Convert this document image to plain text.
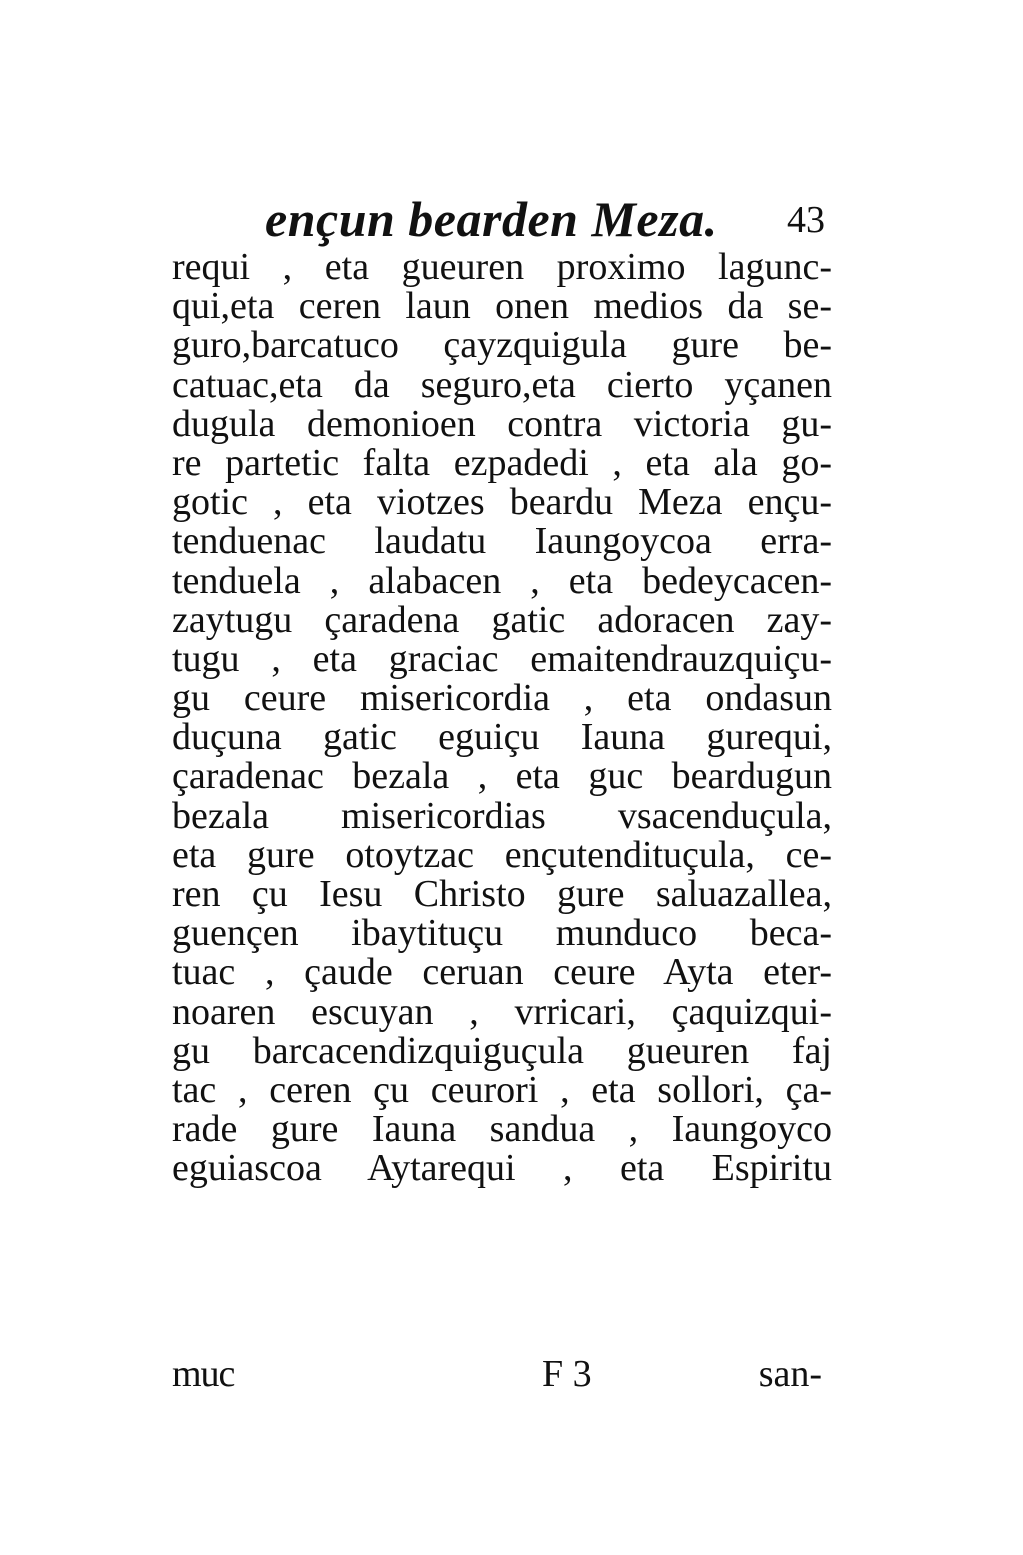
ençun bearden Meza. 43
requi , eta gueuren proximo lagunc-
qui,eta ceren laun onen medios da se-
guro,barcatuco çayzquigula gure be-
catuac,eta da seguro,eta cierto yçanen
dugula demonioen contra victoria gu-
re partetic falta ezpadedi , eta ala go-
gotic , eta viotzes beardu Meza ençu-
tenduenac laudatu Iaungoycoa erra-
tenduela , alabacen , eta bedeycacen-
zaytugu çaradena gatic adoracen zay-
tugu , eta graciac emaitendrauzquiçu-
gu ceure misericordia , eta ondasun
duçuna gatic eguiçu Iauna gurequi,
çaradenac bezala , eta guc beardugun
bezala misericordias vsacenduçula,
eta gure otoytzac ençutendituçula, ce-
ren çu Iesu Christo gure saluazallea,
guençen ibaytituçu munduco beca-
tuac , çaude ceruan ceure Ayta eter-
noaren escuyan , vrricari, çaquizqui-
gu barcacendizquiguçula gueuren faj
tac , ceren çu ceurori , eta sollori, ça-
rade gure Iauna sandua , Iaungoyco
eguiascoa Aytarequi , eta Espiritu
muc	F 3	san-
